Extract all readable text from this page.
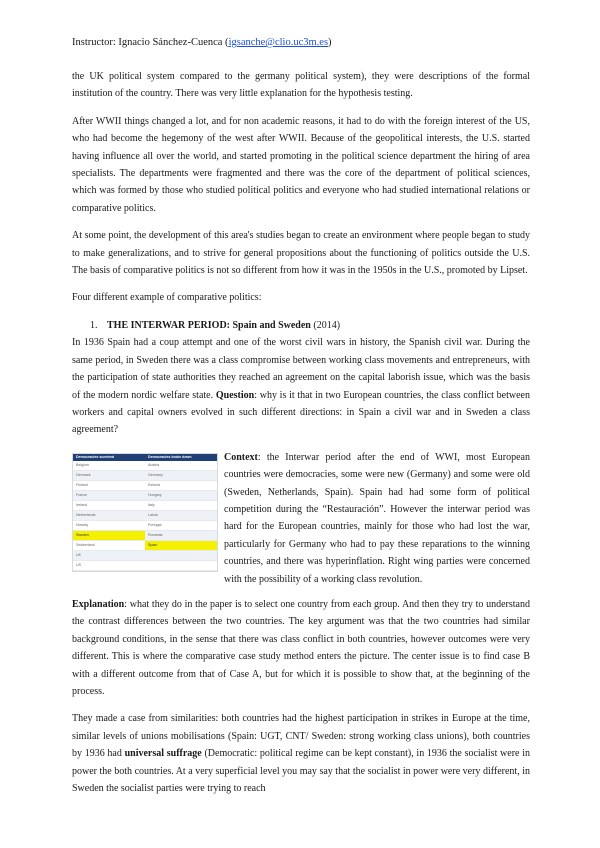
Instructor: Ignacio Sánchez-Cuenca (igsanche@clio.uc3m.es)

the UK political system compared to the germany political system), they were descriptions of the formal institution of the country. There was very little explanation for the hypothesis testing.

After WWII things changed a lot, and for non academic reasons, it had to do with the foreign interest of the US, who had become the hegemony of the west after WWII. Because of the geopolitical interests, the U.S. started having influence all over the world, and started promoting in the political science department the hiring of area specialists. The departments were fragmented and there was the core of the department of political sciences, which was formed by those who studied political politics and everyone who had studied international relations or comparative politics.

At some point, the development of this area's studies began to create an environment where people began to study to make generalizations, and to strive for general propositions about the functioning of politics outside the U.S. The basis of comparative politics is not so different from how it was in the 1950s in the U.S., promoted by Lipset.

Four different example of comparative politics:

1. THE INTERWAR PERIOD: Spain and Sweden (2014)

In 1936 Spain had a coup attempt and one of the worst civil wars in history, the Spanish civil war. During the same period, in Sweden there was a class compromise between working class movements and entrepreneurs, with the participation of state authorities they reached an agreement on the capital laborish issue, which was the basis of the modern nordic welfare state. Question: why is it that in two European countries, the class conflict between workers and capital owners evolved in such different directions: in Spain a civil war and in Sweden a class agreement?

Democracies survived	Democracies broke down
Belgium	Austria
Denmark	Germany
Finland	Estonia
France	Hungary
Ireland	Italy
Netherlands	Latvia
Norway	Portugal
Sweden	Romania
Switzerland	Spain
UK	
US	
Context: the Interwar period after the end of WWI, most European countries were democracies, some were new (Germany) and some were old (Sweden, Netherlands, Spain). Spain had had some form of political competition during the “Restauración”. However the interwar period was hard for the European countries, mainly for those who had lost the war, particularly for Germany who had to pay these reparations to the winning countries, and there was hyperinflation. Right wing parties were concerned with the possibility of a working class revolution.

Explanation: what they do in the paper is to select one country from each group. And then they try to understand the contrast differences between the two countries. The key argument was that the two countries had similar background conditions, in the sense that there was class conflict in both countries, however outcomes were very different. This is where the comparative case study method enters the picture. The center issue is to find case B with a different outcome from that of Case A, but for which it is possible to show that, at the beginning of the process.

They made a case from similarities: both countries had the highest participation in strikes in Europe at the time, similar levels of unions mobilisations (Spain: UGT, CNT/ Sweden: strong working class unions), both countries by 1936 had universal suffrage (Democratic: political regime can be kept constant), in 1936 the socialist were in power the both countries. At a very superficial level you may say that the socialist in power were very different, in Sweden the socialist parties were trying to reach
